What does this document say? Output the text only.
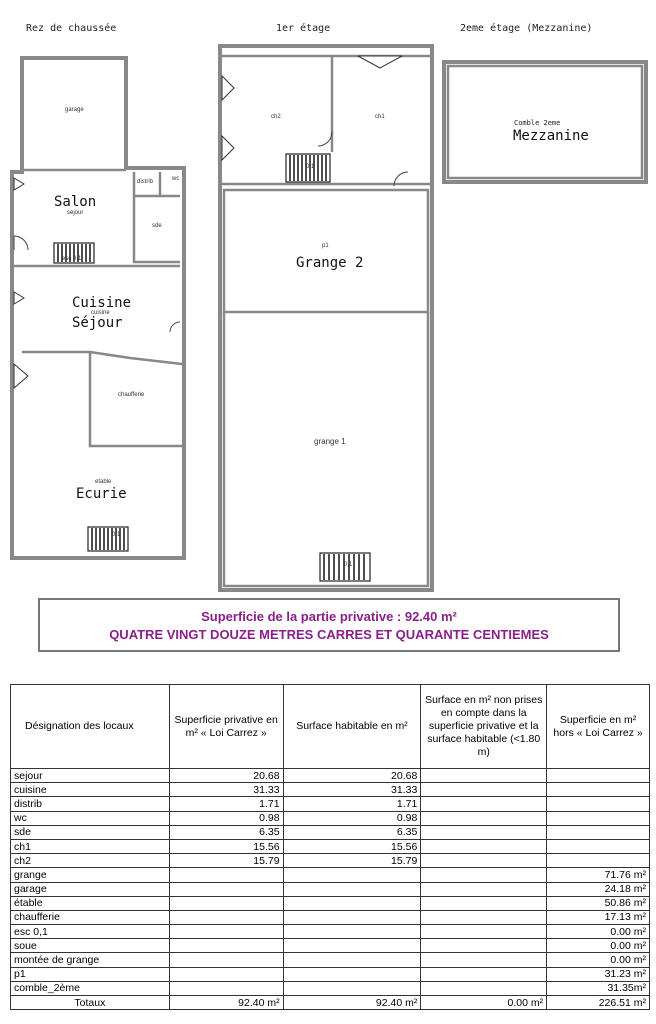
Rez de chaussée	1er étage	2eme étage (Mezzanine)
garage
Salon
sejour
distrib	wc
sde
esc 0,1
Cuisine
cuisine
Séjour
chaufferie
etable
Ecurie
0,1
ch2	ch1
0,1
p1
Grange 2
grange 1
0,1
Comble 2eme
Mezzanine
Superficie de la partie privative : 92.40 m²
QUATRE VINGT DOUZE METRES CARRES ET QUARANTE CENTIEMES
Désignation des locaux	Superficie privative en m² « Loi Carrez »	Surface habitable en m²	Surface en m² non prises en compte dans la superficie privative et la surface habitable (<1.80 m)	Superficie en m² hors « Loi Carrez »
sejour	20.68	20.68		
cuisine	31.33	31.33		
distrib	1.71	1.71		
wc	0.98	0.98		
sde	6.35	6.35		
ch1	15.56	15.56		
ch2	15.79	15.79		
grange				71.76 m²
garage				24.18 m²
étable				50.86 m²
chaufferie				17.13 m²
esc 0,1				0.00 m²
soue				0.00 m²
montée de grange				0.00 m²
p1				31.23 m²
comble_2ème				31.35m²
Totaux	92.40 m²	92.40 m²	0.00 m²	226.51 m²
